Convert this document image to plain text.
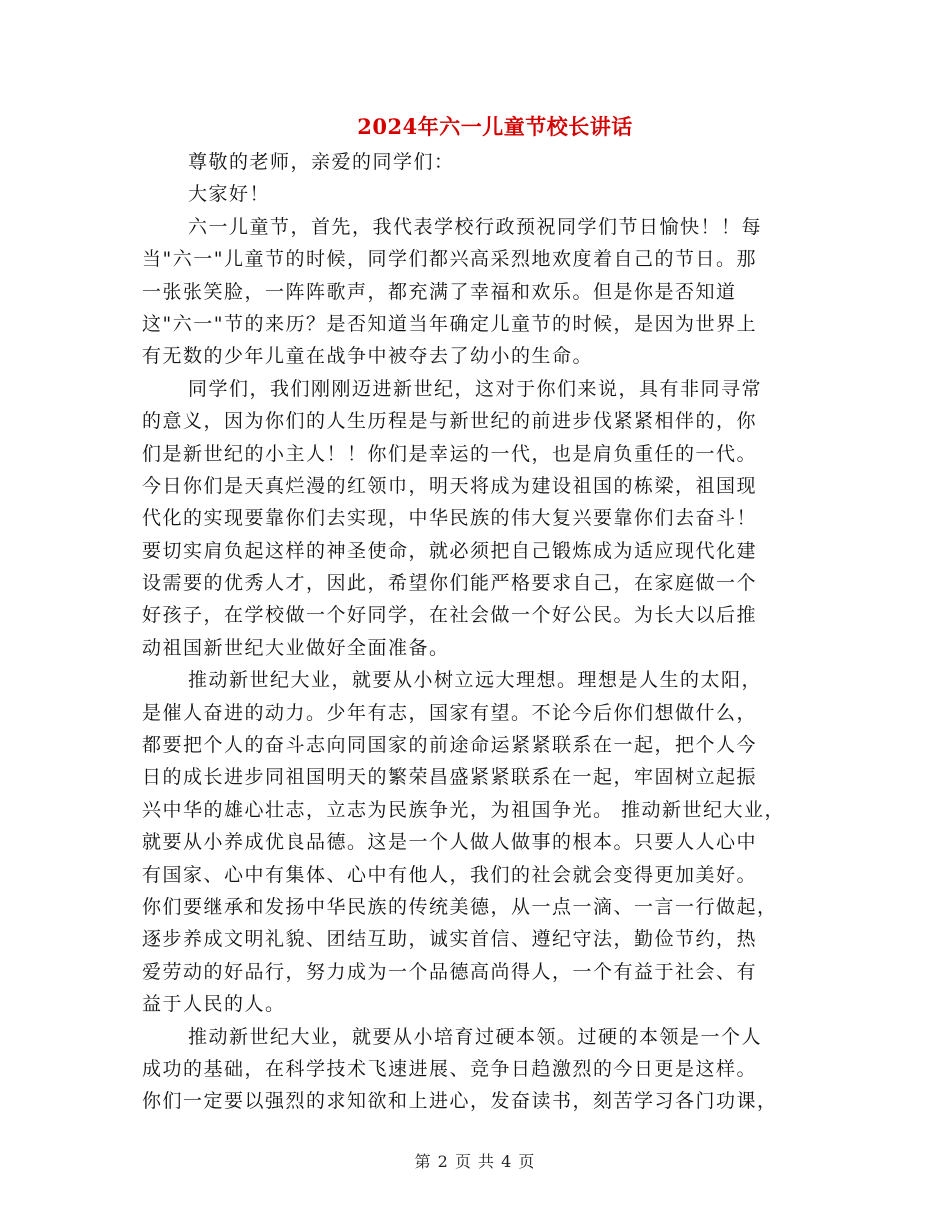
2024年六一儿童节校长讲话
尊敬的老师，亲爱的同学们：
大家好！
六一儿童节，首先，我代表学校行政预祝同学们节日愉快！！每
当"六一"儿童节的时候，同学们都兴高采烈地欢度着自己的节日。那
一张张笑脸，一阵阵歌声，都充满了幸福和欢乐。但是你是否知道
这"六一"节的来历？是否知道当年确定儿童节的时候，是因为世界上
有无数的少年儿童在战争中被夺去了幼小的生命。
同学们，我们刚刚迈进新世纪，这对于你们来说，具有非同寻常
的意义，因为你们的人生历程是与新世纪的前进步伐紧紧相伴的，你
们是新世纪的小主人！！你们是幸运的一代，也是肩负重任的一代。
今日你们是天真烂漫的红领巾，明天将成为建设祖国的栋梁，祖国现
代化的实现要靠你们去实现，中华民族的伟大复兴要靠你们去奋斗！
要切实肩负起这样的神圣使命，就必须把自己锻炼成为适应现代化建
设需要的优秀人才，因此，希望你们能严格要求自己，在家庭做一个
好孩子，在学校做一个好同学，在社会做一个好公民。为长大以后推
动祖国新世纪大业做好全面准备。
推动新世纪大业，就要从小树立远大理想。理想是人生的太阳，
是催人奋进的动力。少年有志，国家有望。不论今后你们想做什么，
都要把个人的奋斗志向同国家的前途命运紧紧联系在一起，把个人今
日的成长进步同祖国明天的繁荣昌盛紧紧联系在一起，牢固树立起振
兴中华的雄心壮志，立志为民族争光，为祖国争光。 推动新世纪大业，
就要从小养成优良品德。这是一个人做人做事的根本。只要人人心中
有国家、心中有集体、心中有他人，我们的社会就会变得更加美好。
你们要继承和发扬中华民族的传统美德，从一点一滴、一言一行做起，
逐步养成文明礼貌、团结互助，诚实首信、遵纪守法，勤俭节约，热
爱劳动的好品行，努力成为一个品德高尚得人，一个有益于社会、有
益于人民的人。
推动新世纪大业，就要从小培育过硬本领。过硬的本领是一个人
成功的基础，在科学技术飞速进展、竞争日趋激烈的今日更是这样。
你们一定要以强烈的求知欲和上进心，发奋读书，刻苦学习各门功课，
第 2 页 共 4 页
